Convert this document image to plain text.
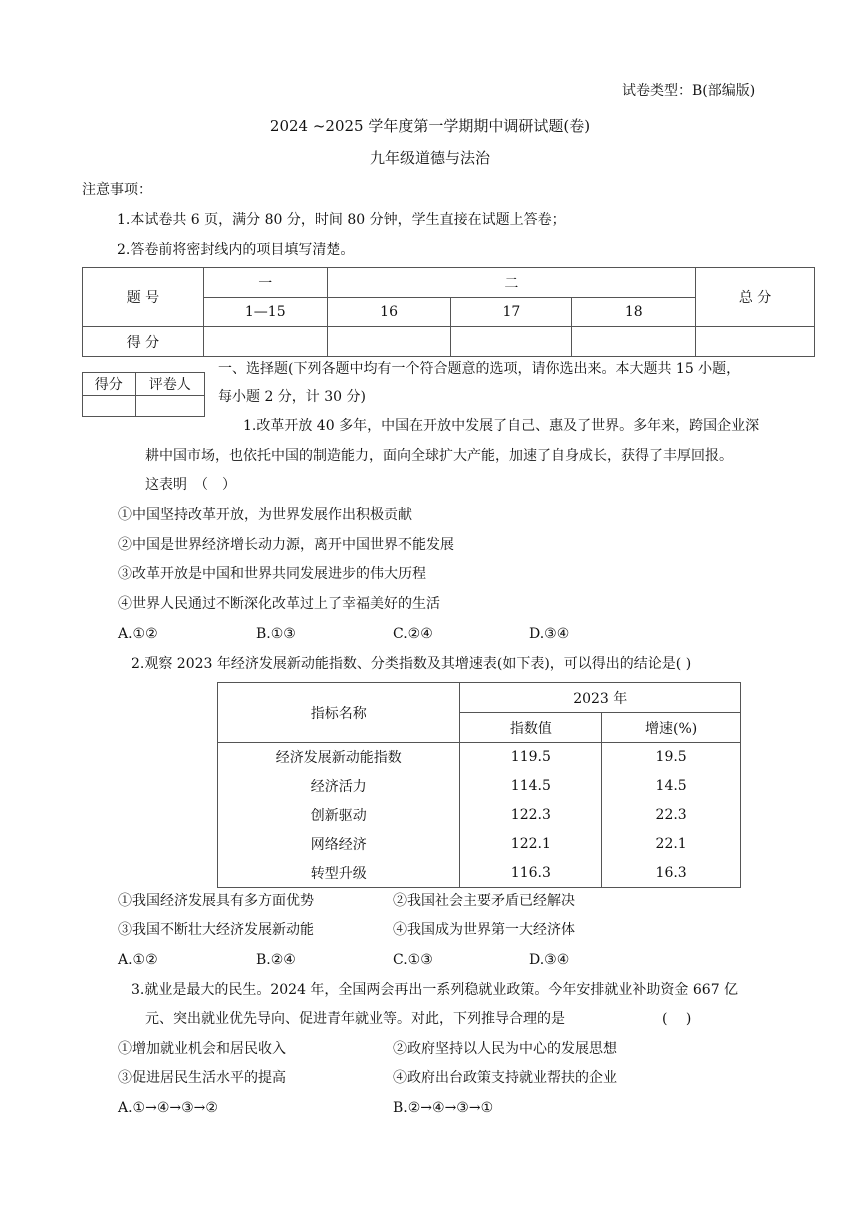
试卷类型：B(部编版)
2024 ~2025 学年度第一学期期中调研试题(卷)
九年级道德与法治
注意事项：
1.本试卷共 6 页，满分 80 分，时间 80 分钟，学生直接在试题上答卷；
2.答卷前将密封线内的项目填写清楚。
题 号	一	二			总 分
	1—15	16	17	18	
得 分					
得分	评卷人

一、选择题(下列各题中均有一个符合题意的选项，请你选出来。本大题共 15 小题，
每小题 2 分，计 30 分)
1.改革开放 40 多年，中国在开放中发展了自己、惠及了世界。多年来，跨国企业深
耕中国市场，也依托中国的制造能力，面向全球扩大产能，加速了自身成长，获得了丰厚回报。
这表明　（　）
①中国坚持改革开放，为世界发展作出积极贡献
②中国是世界经济增长动力源，离开中国世界不能发展
③改革开放是中国和世界共同发展进步的伟大历程
④世界人民通过不断深化改革过上了幸福美好的生活
A.①②	B.①③	C.②④	D.③④
2.观察 2023 年经济发展新动能指数、分类指数及其增速表(如下表)，可以得出的结论是( )
指标名称	2023 年	
	指数值	增速(%)
经济发展新动能指数	119.5	19.5
经济活力	114.5	14.5
创新驱动	122.3	22.3
网络经济	122.1	22.1
转型升级	116.3	16.3
①我国经济发展具有多方面优势	②我国社会主要矛盾已经解决
③我国不断壮大经济发展新动能	④我国成为世界第一大经济体
A.①②	B.②④	C.①③	D.③④
3.就业是最大的民生。2024 年，全国两会再出一系列稳就业政策。今年安排就业补助资金 667 亿
元、突出就业优先导向、促进青年就业等。对此，下列推导合理的是	(　 )
①增加就业机会和居民收入	②政府坚持以人民为中心的发展思想
③促进居民生活水平的提高	④政府出台政策支持就业帮扶的企业
A.①→④→③→②	B.②→④→③→①
